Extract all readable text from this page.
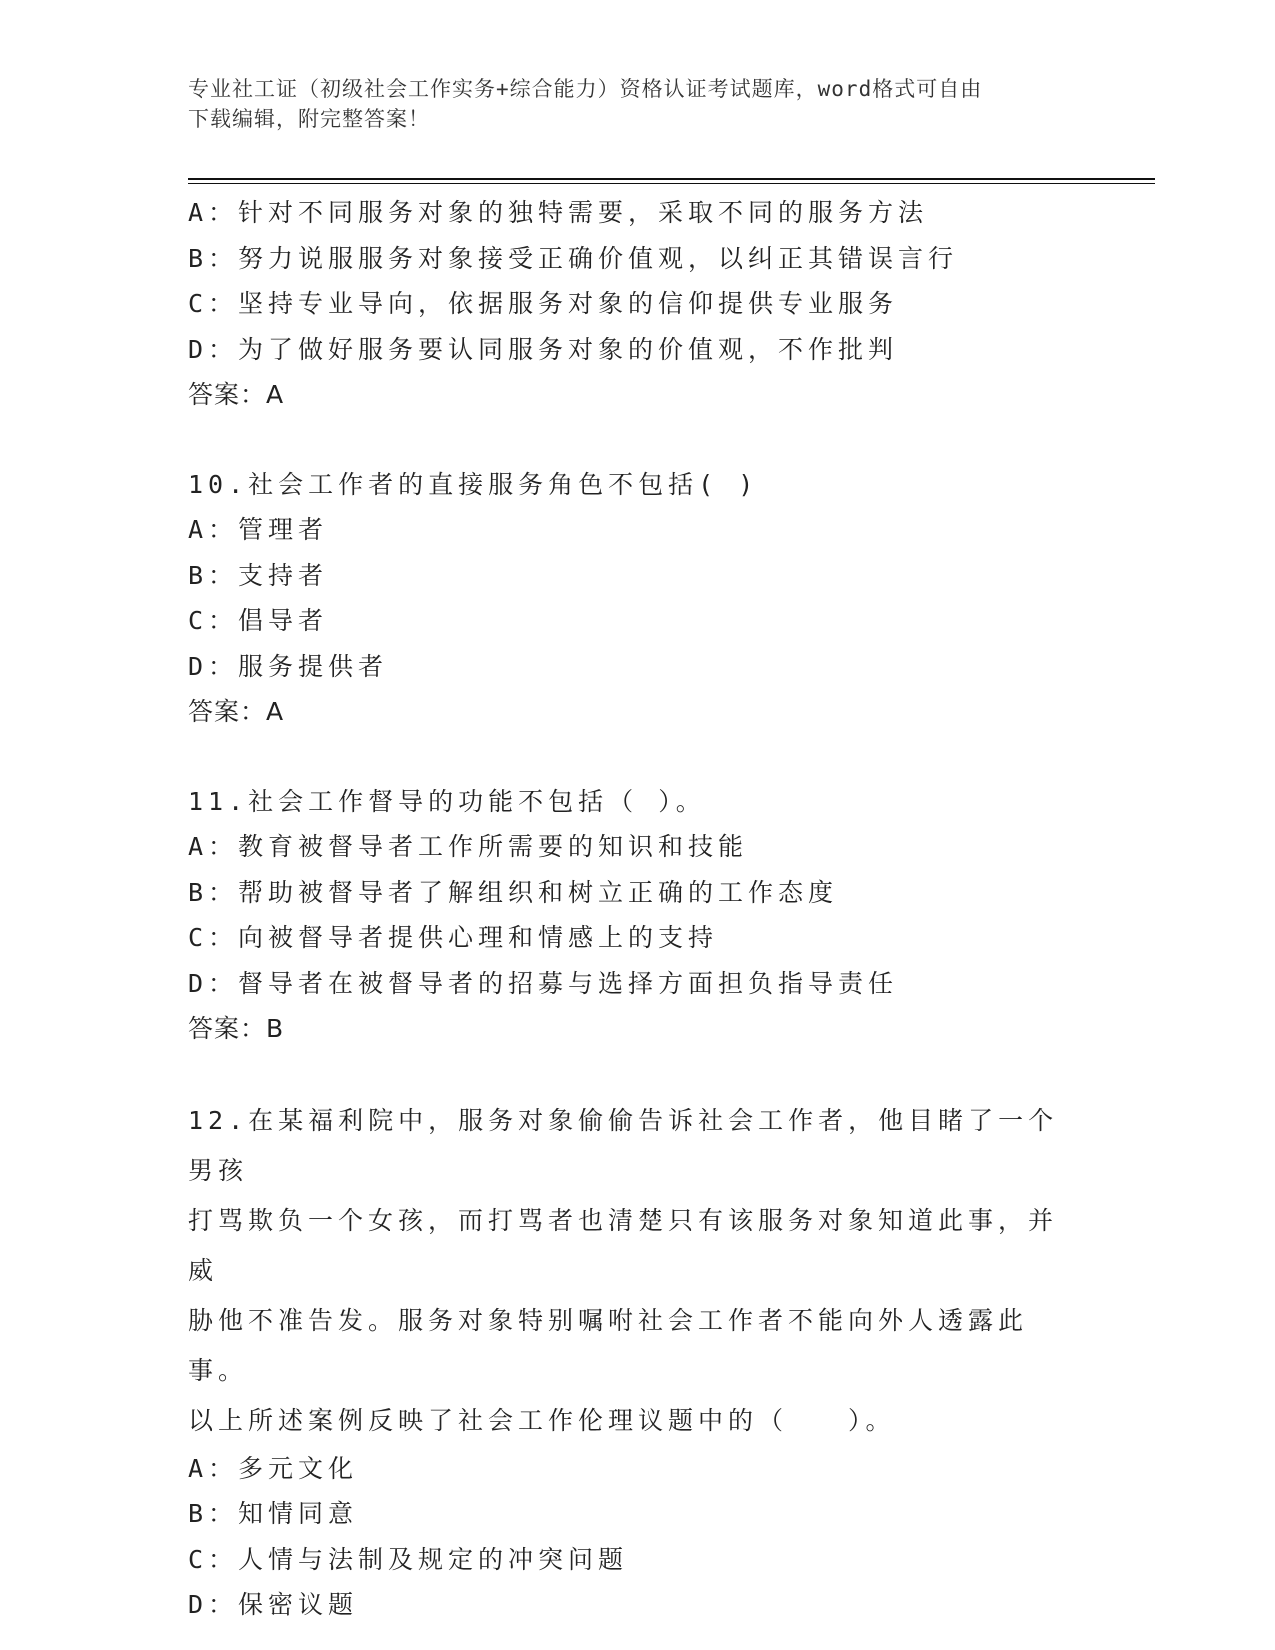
专业社工证（初级社会工作实务+综合能力）资格认证考试题库，word格式可自由
下载编辑，附完整答案！
A：针对不同服务对象的独特需要，采取不同的服务方法
B：努力说服服务对象接受正确价值观，以纠正其错误言行
C：坚持专业导向，依据服务对象的信仰提供专业服务
D：为了做好服务要认同服务对象的价值观，不作批判
答案：A
10.社会工作者的直接服务角色不包括( )
A：管理者
B：支持者
C：倡导者
D：服务提供者
答案：A
11.社会工作督导的功能不包括（ ）。
A：教育被督导者工作所需要的知识和技能
B：帮助被督导者了解组织和树立正确的工作态度
C：向被督导者提供心理和情感上的支持
D：督导者在被督导者的招募与选择方面担负指导责任
答案：B
12.在某福利院中，服务对象偷偷告诉社会工作者，他目睹了一个男孩
打骂欺负一个女孩，而打骂者也清楚只有该服务对象知道此事，并威
胁他不准告发。服务对象特别嘱咐社会工作者不能向外人透露此事。
以上所述案例反映了社会工作伦理议题中的（　　）。
A：多元文化
B：知情同意
C：人情与法制及规定的冲突问题
D：保密议题
